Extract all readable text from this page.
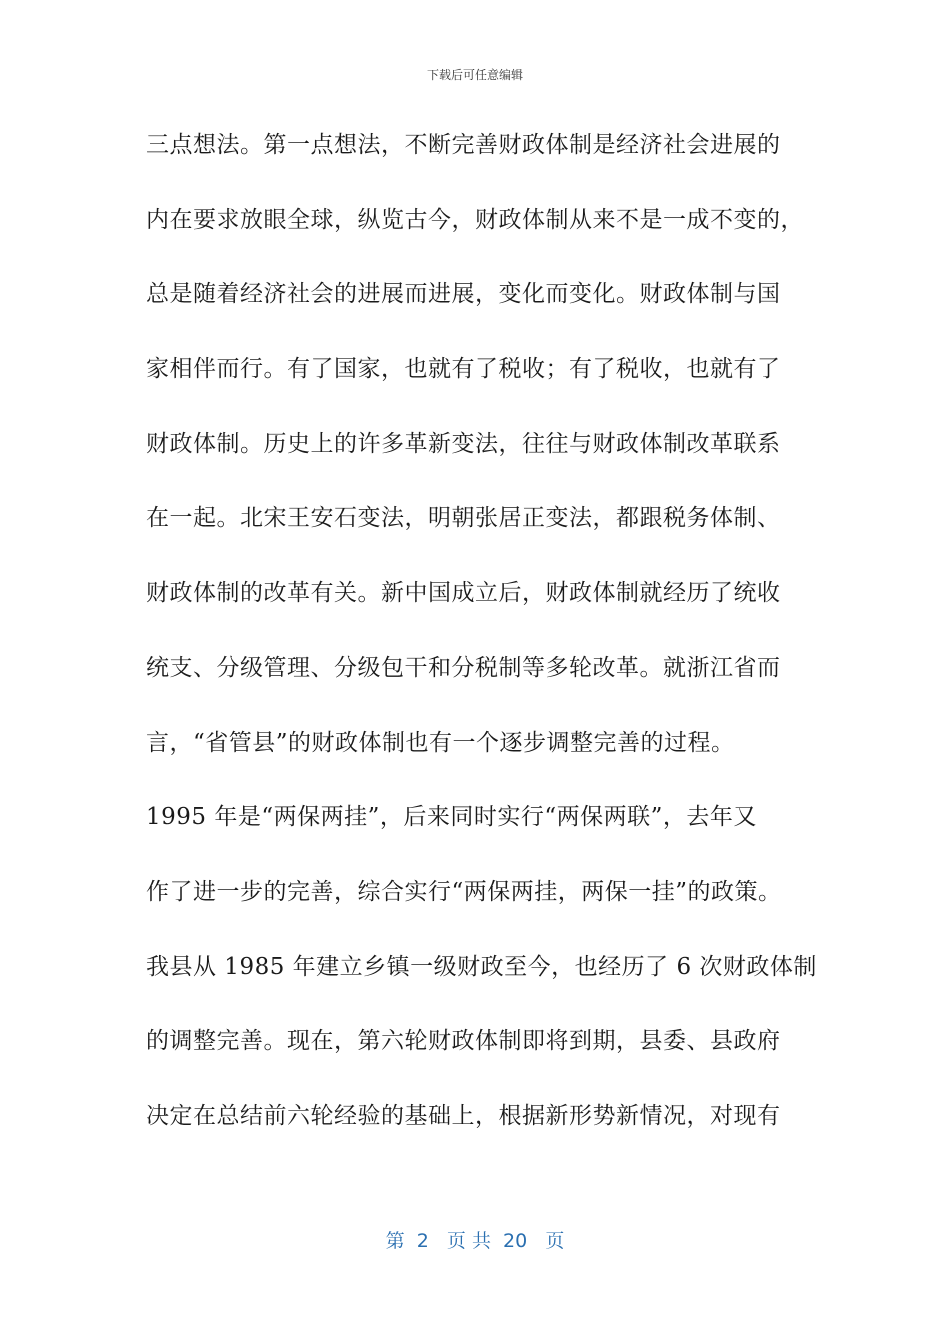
下载后可任意编辑
三点想法。第一点想法，不断完善财政体制是经济社会进展的
内在要求放眼全球，纵览古今，财政体制从来不是一成不变的，
总是随着经济社会的进展而进展，变化而变化。财政体制与国
家相伴而行。有了国家，也就有了税收；有了税收，也就有了
财政体制。历史上的许多革新变法，往往与财政体制改革联系
在一起。北宋王安石变法，明朝张居正变法，都跟税务体制、
财政体制的改革有关。新中国成立后，财政体制就经历了统收
统支、分级管理、分级包干和分税制等多轮改革。就浙江省而
言，“省管县”的财政体制也有一个逐步调整完善的过程。
1995 年是“两保两挂”，后来同时实行“两保两联”，去年又
作了进一步的完善，综合实行“两保两挂，两保一挂”的政策。
我县从 1985 年建立乡镇一级财政至今，也经历了 6 次财政体制
的调整完善。现在，第六轮财政体制即将到期，县委、县政府
决定在总结前六轮经验的基础上，根据新形势新情况，对现有
第  2   页 共  20   页
